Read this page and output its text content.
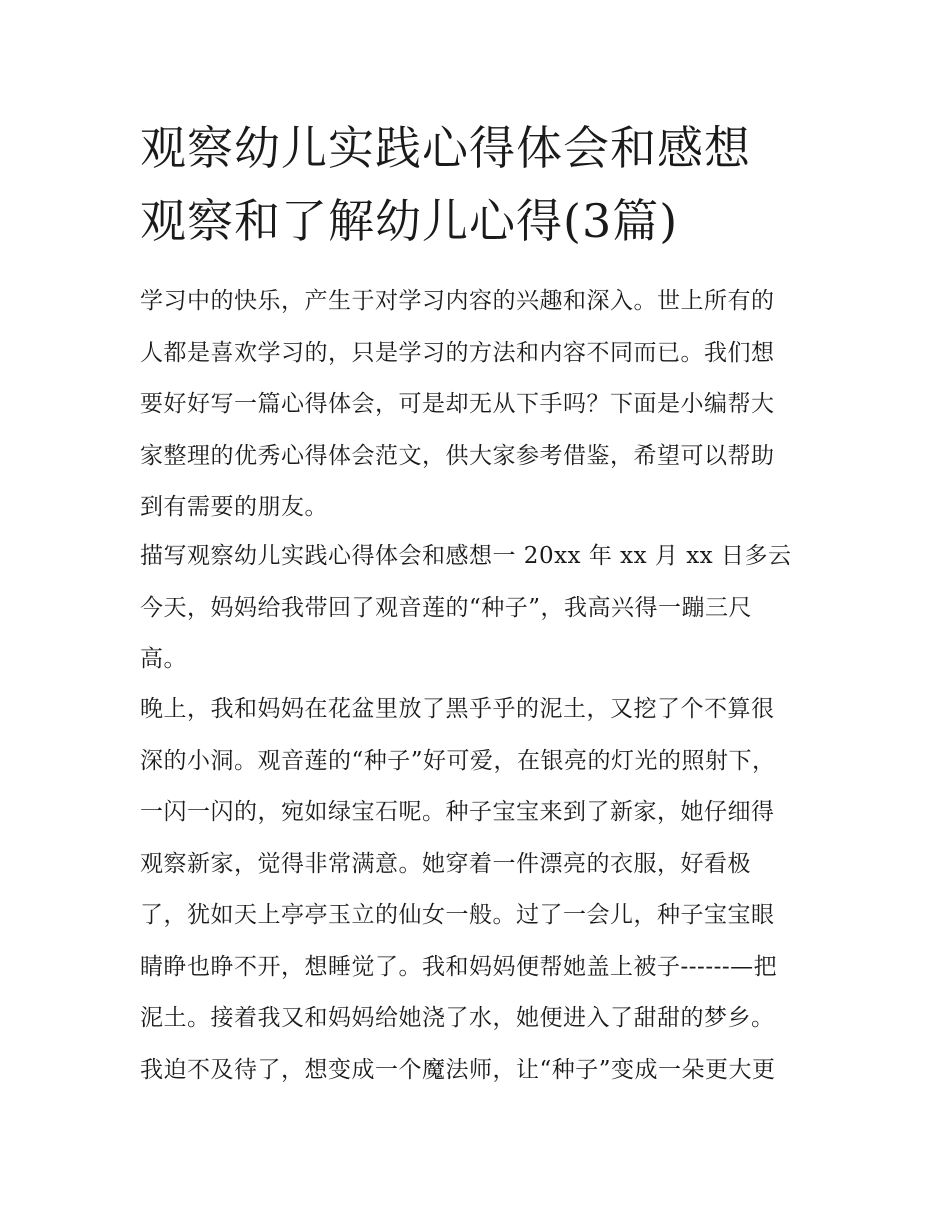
观察幼儿实践心得体会和感想
观察和了解幼儿心得(3篇)

学习中的快乐，产生于对学习内容的兴趣和深入。世上所有的
人都是喜欢学习的，只是学习的方法和内容不同而已。我们想
要好好写一篇心得体会，可是却无从下手吗？下面是小编帮大
家整理的优秀心得体会范文，供大家参考借鉴，希望可以帮助
到有需要的朋友。

描写观察幼儿实践心得体会和感想一 20xx 年 xx 月 xx 日多云
今天，妈妈给我带回了观音莲的“种子”，我高兴得一蹦三尺
高。

晚上，我和妈妈在花盆里放了黑乎乎的泥土，又挖了个不算很
深的小洞。观音莲的“种子”好可爱，在银亮的灯光的照射下，
一闪一闪的，宛如绿宝石呢。种子宝宝来到了新家，她仔细得
观察新家，觉得非常满意。她穿着一件漂亮的衣服，好看极
了，犹如天上亭亭玉立的仙女一般。过了一会儿，种子宝宝眼
睛睁也睁不开，想睡觉了。我和妈妈便帮她盖上被子------—把
泥土。接着我又和妈妈给她浇了水，她便进入了甜甜的梦乡。
我迫不及待了，想变成一个魔法师，让“种子”变成一朵更大更
